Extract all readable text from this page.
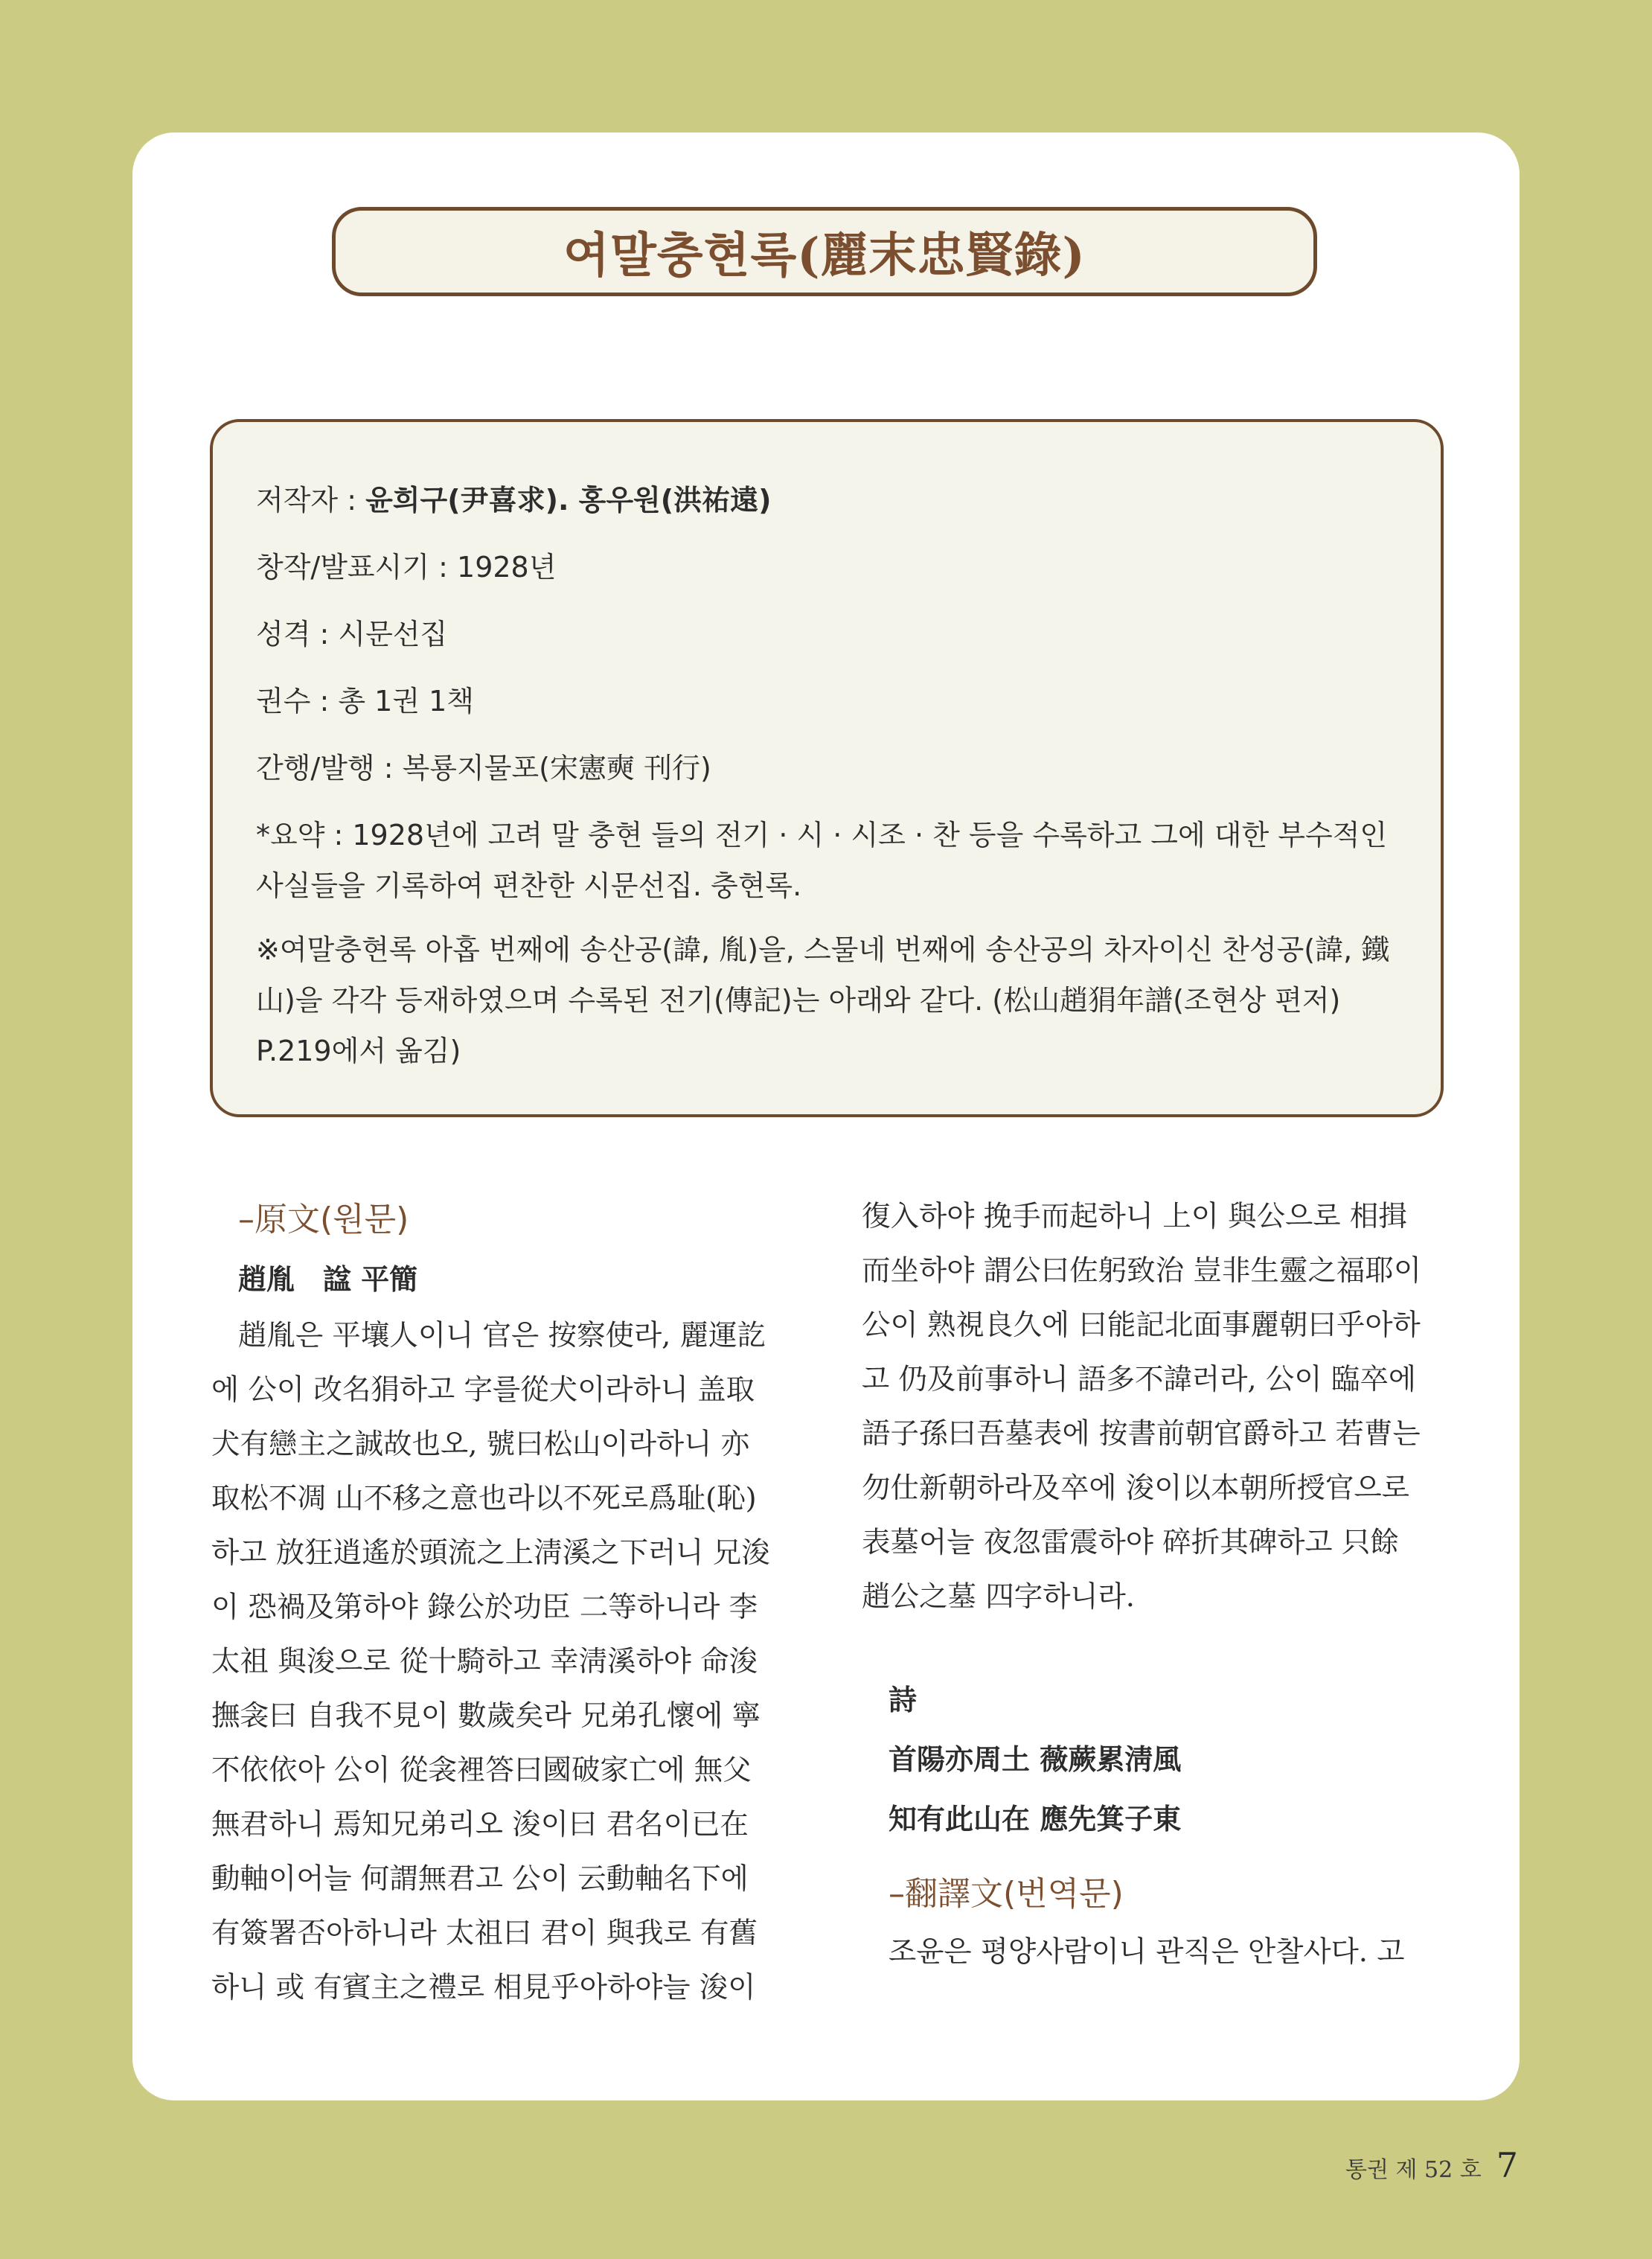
여말충현록(麗末忠賢錄)
저작자 : 윤희구(尹喜求). 홍우원(洪祐遠)
창작/발표시기 : 1928년
성격 : 시문선집
권수 : 총 1권 1책
간행/발행 : 복룡지물포(宋憲奭 刊行)
*요약 : 1928년에 고려 말 충현 들의 전기 · 시 · 시조 · 찬 등을 수록하고 그에 대한 부수적인 사실들을 기록하여 편찬한 시문선집. 충현록.
※여말충현록 아홉 번째에 송산공(諱, 胤)을, 스물네 번째에 송산공의 차자이신 찬성공(諱, 鐵山)을 각각 등재하였으며 수록된 전기(傳記)는 아래와 같다. (松山趙狷年譜(조현상 편저) P.219에서 옮김)
–原文(원문)
趙胤　諡 平簡
趙胤은 平壤人이니 官은 按察使라, 麗運訖
에 公이 改名狷하고 字를從犬이라하니 盖取
犬有戀主之誠故也오, 號曰松山이라하니 亦
取松不凋 山不移之意也라以不死로爲耻(恥)
하고 放狂逍遙於頭流之上淸溪之下러니 兄浚
이 恐禍及第하야 錄公於功臣 二等하니라 李
太祖 與浚으로 從十騎하고 幸淸溪하야 命浚
撫衾曰 自我不見이 數歲矣라 兄弟孔懷에 寧
不依依아 公이 從衾裡答曰國破家亡에 無父
無君하니 焉知兄弟리오 浚이曰 君名이已在
動軸이어늘 何謂無君고 公이 云動軸名下에
有簽署否아하니라 太祖曰 君이 與我로 有舊
하니 或 有賓主之禮로 相見乎아하야늘 浚이
復入하야 挽手而起하니 上이 與公으로 相揖
而坐하야 謂公曰佐躬致治 豈非生靈之福耶이
公이 熟視良久에 曰能記北面事麗朝曰乎아하
고 仍及前事하니 語多不諱러라, 公이 臨卒에
語子孫曰吾墓表에 按書前朝官爵하고 若曹는
勿仕新朝하라及卒에 浚이以本朝所授官으로
表墓어늘 夜忽雷震하야 碎折其碑하고 只餘
趙公之墓 四字하니라.
詩
首陽亦周土 薇蕨累淸風
知有此山在 應先箕子東
–翻譯文(번역문)
조윤은 평양사람이니 관직은 안찰사다. 고
통권 제 52 호 7
